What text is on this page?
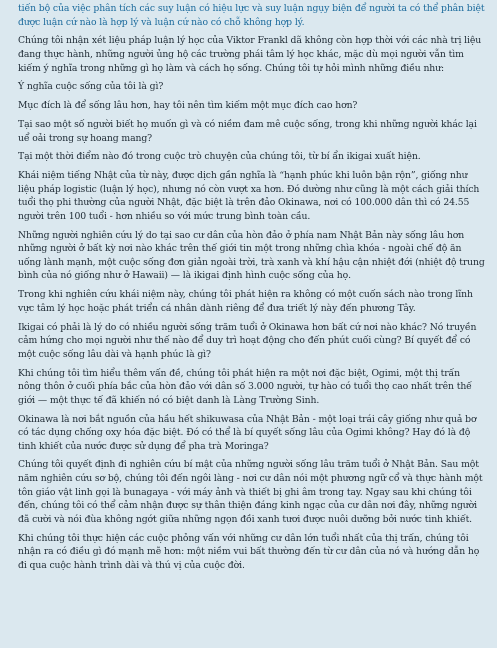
tiến bộ của việc phân tích các suy luận có hiệu lực và suy luận ngụy biện để người ta có thể phân biệt được luận cứ nào là hợp lý và luận cứ nào có chỗ không hợp lý.

Chúng tôi nhận xét liệu pháp luận lý học của Viktor Frankl dã không còn hợp thời với các nhà trị liệu đang thực hành, những người ủng hộ các trường phái tâm lý học khác, mặc dù mọi người vẫn tìm kiếm ý nghĩa trong những gì họ làm và cách họ sống. Chúng tôi tự hỏi mình những điều như:

Ý nghĩa cuộc sống của tôi là gì?

Mục đích là để sống lâu hơn, hay tôi nên tìm kiếm một mục đích cao hơn?

Tại sao một số người biết họ muốn gì và có niềm đam mê cuộc sống, trong khi những người khác lại uể oải trong sự hoang mang?

Tại một thời điểm nào đó trong cuộc trò chuyện của chúng tôi, từ bí ẩn ikigai xuất hiện.

Khái niệm tiếng Nhật của từ này, được dịch gần nghĩa là “hạnh phúc khi luôn bận rộn”, giống như liệu pháp logistic (luận lý học), nhưng nó còn vượt xa hơn. Đó dường như cũng là một cách giải thích tuổi thọ phi thường của người Nhật, đặc biệt là trên đảo Okinawa, nơi có 100.000 dân thì có 24.55 người trên 100 tuổi - hơn nhiều so với mức trung bình toàn cầu.

Những người nghiên cứu lý do tại sao cư dân của hòn đảo ở phía nam Nhật Bản này sống lâu hơn những người ở bất kỳ nơi nào khác trên thế giới tin một trong những chìa khóa - ngoài chế độ ăn uống lành mạnh, một cuộc sống đơn giản ngoài trời, trà xanh và khí hậu cận nhiệt đới (nhiệt độ trung bình của nó giống như ở Hawaii) — là ikigai định hình cuộc sống của họ.

Trong khi nghiên cứu khái niệm này, chúng tôi phát hiện ra không có một cuốn sách nào trong lĩnh vực tâm lý học hoặc phát triển cá nhân dành riêng để đưa triết lý này đến phương Tây.

Ikigai có phải là lý do có nhiều người sống trăm tuổi ở Okinawa hơn bất cứ nơi nào khác? Nó truyền cảm hứng cho mọi người như thế nào để duy trì hoạt động cho đến phút cuối cùng? Bí quyết để có một cuộc sống lâu dài và hạnh phúc là gì?

Khi chúng tôi tìm hiểu thêm vấn đề, chúng tôi phát hiện ra một nơi đặc biệt, Ogimi, một thị trấn nông thôn ở cuối phía bắc của hòn đảo với dân số 3.000 người, tự hào có tuổi thọ cao nhất trên thế giới — một thực tế đã khiến nó có biệt danh là Làng Trường Sinh.

Okinawa là nơi bắt nguồn của hầu hết shikuwasa của Nhật Bản - một loại trái cây giống như quả bơ có tác dụng chống oxy hóa đặc biệt. Đó có thể là bí quyết sống lâu của Ogimi không? Hay đó là độ tinh khiết của nước được sử dụng để pha trà Moringa?

Chúng tôi quyết định đi nghiên cứu bí mật của những người sống lâu trăm tuổi ở Nhật Bản. Sau một năm nghiên cứu sơ bộ, chúng tôi đến ngôi làng - nơi cư dân nói một phương ngữ cổ và thực hành một tôn giáo vật linh gọi là bunagaya - với máy ảnh và thiết bị ghi âm trong tay. Ngay sau khi chúng tôi đến, chúng tôi có thể cảm nhận được sự thân thiện đáng kinh ngạc của cư dân nơi đây, những người đã cười và nói đùa không ngớt giữa những ngọn đồi xanh tươi được nuôi dưỡng bởi nước tinh khiết.

Khi chúng tôi thực hiện các cuộc phỏng vấn với những cư dân lớn tuổi nhất của thị trấn, chúng tôi nhận ra có điều gì đó mạnh mẽ hơn: một niềm vui bất thường đến từ cư dân của nó và hướng dẫn họ đi qua cuộc hành trình dài và thú vị của cuộc đời.
